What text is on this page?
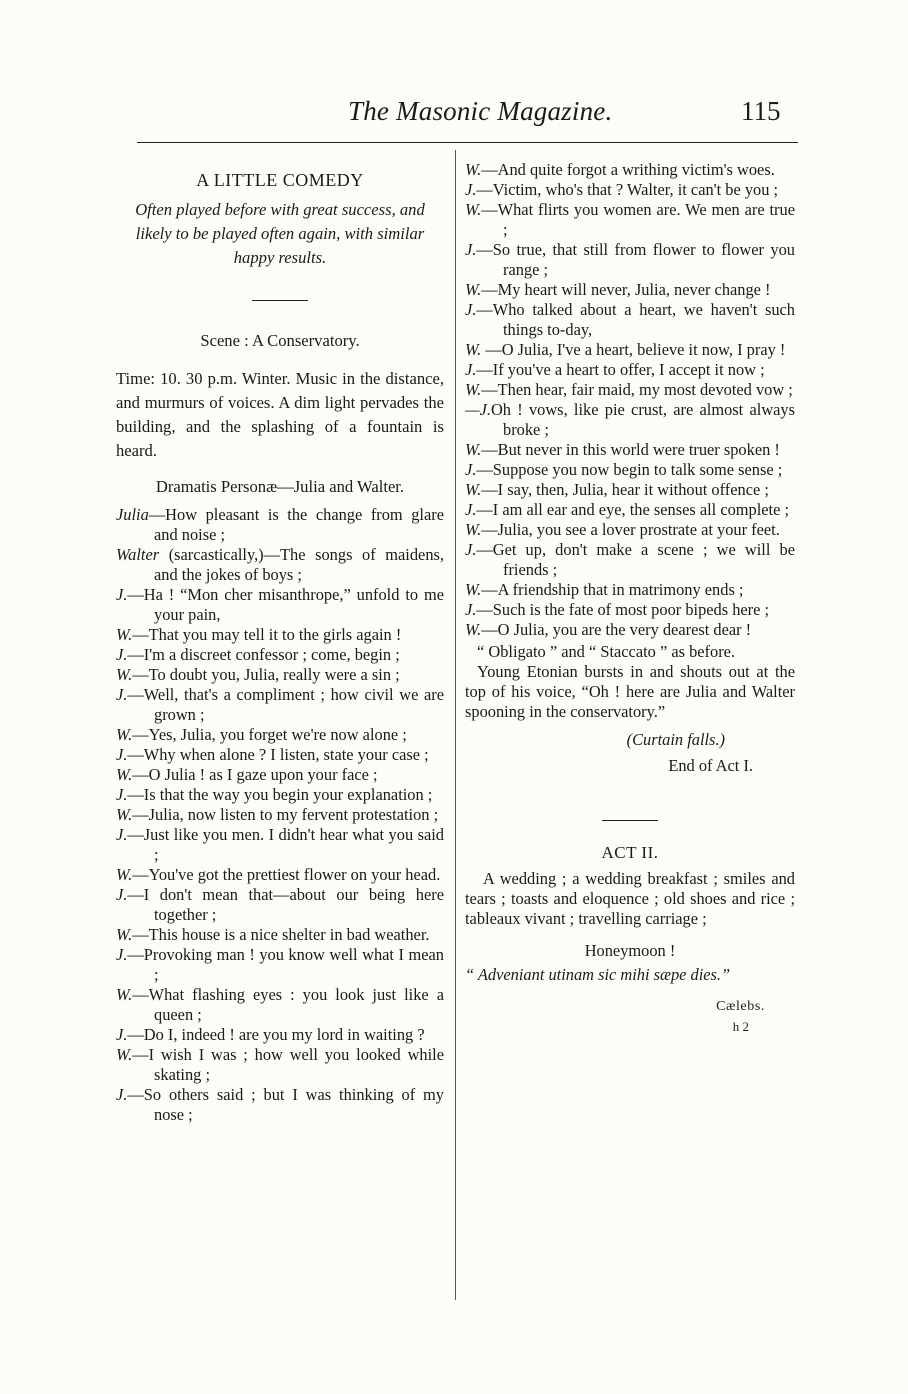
The Masonic Magazine.	115
A LITTLE COMEDY
Often played before with great success, and likely to be played often again, with similar happy results.
Scene : A Conservatory.
Time: 10. 30 p.m. Winter. Music in the distance, and murmurs of voices. A dim light pervades the building, and the splashing of a fountain is heard.
Dramatis Personæ—Julia and Walter.
Julia—How pleasant is the change from glare and noise ;
Walter (sarcastically,)—The songs of maidens, and the jokes of boys ;
J.—Ha ! “Mon cher misanthrope,” unfold to me your pain,
W.—That you may tell it to the girls again !
J.—I'm a discreet confessor ; come, begin ;
W.—To doubt you, Julia, really were a sin ;
J.—Well, that's a compliment ; how civil we are grown ;
W.—Yes, Julia, you forget we're now alone ;
J.—Why when alone ? I listen, state your case ;
W.—O Julia ! as I gaze upon your face ;
J.—Is that the way you begin your explanation ;
W.—Julia, now listen to my fervent protestation ;
J.—Just like you men. I didn't hear what you said ;
W.—You've got the prettiest flower on your head.
J.—I don't mean that—about our being here together ;
W.—This house is a nice shelter in bad weather.
J.—Provoking man ! you know well what I mean ;
W.—What flashing eyes : you look just like a queen ;
J.—Do I, indeed ! are you my lord in waiting ?
W.—I wish I was ; how well you looked while skating ;
J.—So others said ; but I was thinking of my nose ;
W.—And quite forgot a writhing victim's woes.
J.—Victim, who's that ? Walter, it can't be you ;
W.—What flirts you women are. We men are true ;
J.—So true, that still from flower to flower you range ;
W.—My heart will never, Julia, never change !
J.—Who talked about a heart, we haven't such things to-day,
W. —O Julia, I've a heart, believe it now, I pray !
J.—If you've a heart to offer, I accept it now ;
W.—Then hear, fair maid, my most devoted vow ;
—J.Oh ! vows, like pie crust, are almost always broke ;
W.—But never in this world were truer spoken !
J.—Suppose you now begin to talk some sense ;
W.—I say, then, Julia, hear it without offence ;
J.—I am all ear and eye, the senses all complete ;
W.—Julia, you see a lover prostrate at your feet.
J.—Get up, don't make a scene ; we will be friends ;
W.—A friendship that in matrimony ends ;
J.—Such is the fate of most poor bipeds here ;
W.—O Julia, you are the very dearest dear !
“ Obligato ” and “ Staccato ” as before.
Young Etonian bursts in and shouts out at the top of his voice, “Oh ! here are Julia and Walter spooning in the conservatory.”
(Curtain falls.)
End of Act I.
ACT II.
A wedding ; a wedding breakfast ; smiles and tears ; toasts and eloquence ; old shoes and rice ; tableaux vivant ; travelling carriage ;
Honeymoon !
“ Adveniant utinam sic mihi sæpe dies.”
Cælebs.
h 2
